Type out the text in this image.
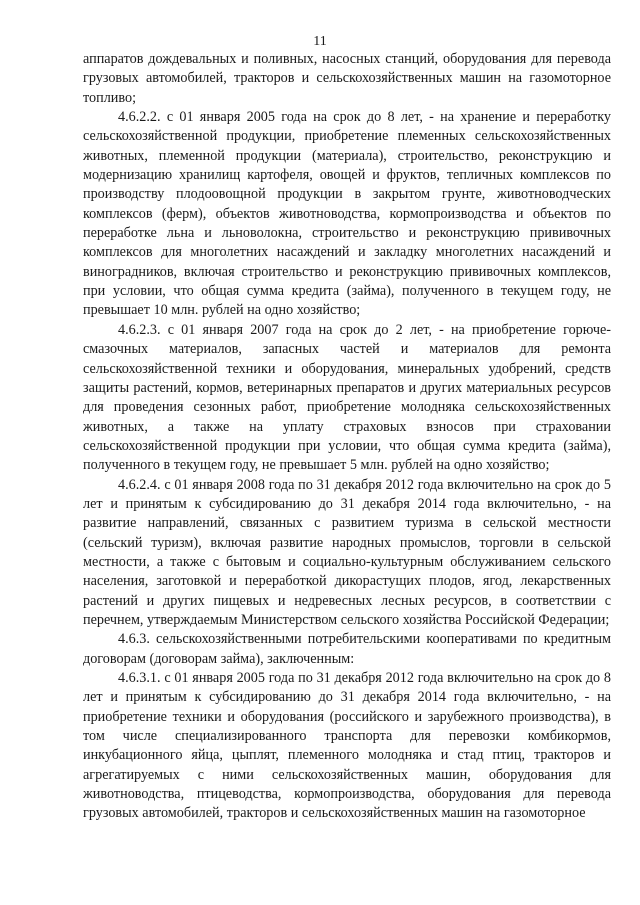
11

аппаратов дождевальных и поливных, насосных станций, оборудования для перевода грузовых автомобилей, тракторов и сельскохозяйственных машин на газомоторное топливо;

4.6.2.2. с 01 января 2005 года на срок до 8 лет, - на хранение и переработку сельскохозяйственной продукции, приобретение племенных сельскохозяйственных животных, племенной продукции (материала), строительство, реконструкцию и модернизацию хранилищ картофеля, овощей и фруктов, тепличных комплексов по производству плодоовощной продукции в закрытом грунте, животноводческих комплексов (ферм), объектов животноводства, кормопроизводства и объектов по переработке льна и льноволокна, строительство и реконструкцию прививочных комплексов для многолетних насаждений и закладку многолетних насаждений и виноградников, включая строительство и реконструкцию прививочных комплексов, при условии, что общая сумма кредита (займа), полученного в текущем году, не превышает 10 млн. рублей на одно хозяйство;

4.6.2.3. с 01 января 2007 года на срок до 2 лет, - на приобретение горюче-смазочных материалов, запасных частей и материалов для ремонта сельскохозяйственной техники и оборудования, минеральных удобрений, средств защиты растений, кормов, ветеринарных препаратов и других материальных ресурсов для проведения сезонных работ, приобретение молодняка сельскохозяйственных животных, а также на уплату страховых взносов при страховании сельскохозяйственной продукции при условии, что общая сумма кредита (займа), полученного в текущем году, не превышает 5 млн. рублей на одно хозяйство;

4.6.2.4. с 01 января 2008 года по 31 декабря 2012 года включительно на срок до 5 лет и принятым к субсидированию до 31 декабря 2014 года включительно, - на развитие направлений, связанных с развитием туризма в сельской местности (сельский туризм), включая развитие народных промыслов, торговли в сельской местности, а также с бытовым и социально-культурным обслуживанием сельского населения, заготовкой и переработкой дикорастущих плодов, ягод, лекарственных растений и других пищевых и недревесных лесных ресурсов, в соответствии с перечнем, утверждаемым Министерством сельского хозяйства Российской Федерации;

4.6.3. сельскохозяйственными потребительскими кооперативами по кредитным договорам (договорам займа), заключенным:

4.6.3.1. с 01 января 2005 года по 31 декабря 2012 года включительно на срок до 8 лет и принятым к субсидированию до 31 декабря 2014 года включительно, - на приобретение техники и оборудования (российского и зарубежного производства), в том числе специализированного транспорта для перевозки комбикормов, инкубационного яйца, цыплят, племенного молодняка и стад птиц, тракторов и агрегатируемых с ними сельскохозяйственных машин, оборудования для животноводства, птицеводства, кормопроизводства, оборудования для перевода грузовых автомобилей, тракторов и сельскохозяйственных машин на газомоторное
